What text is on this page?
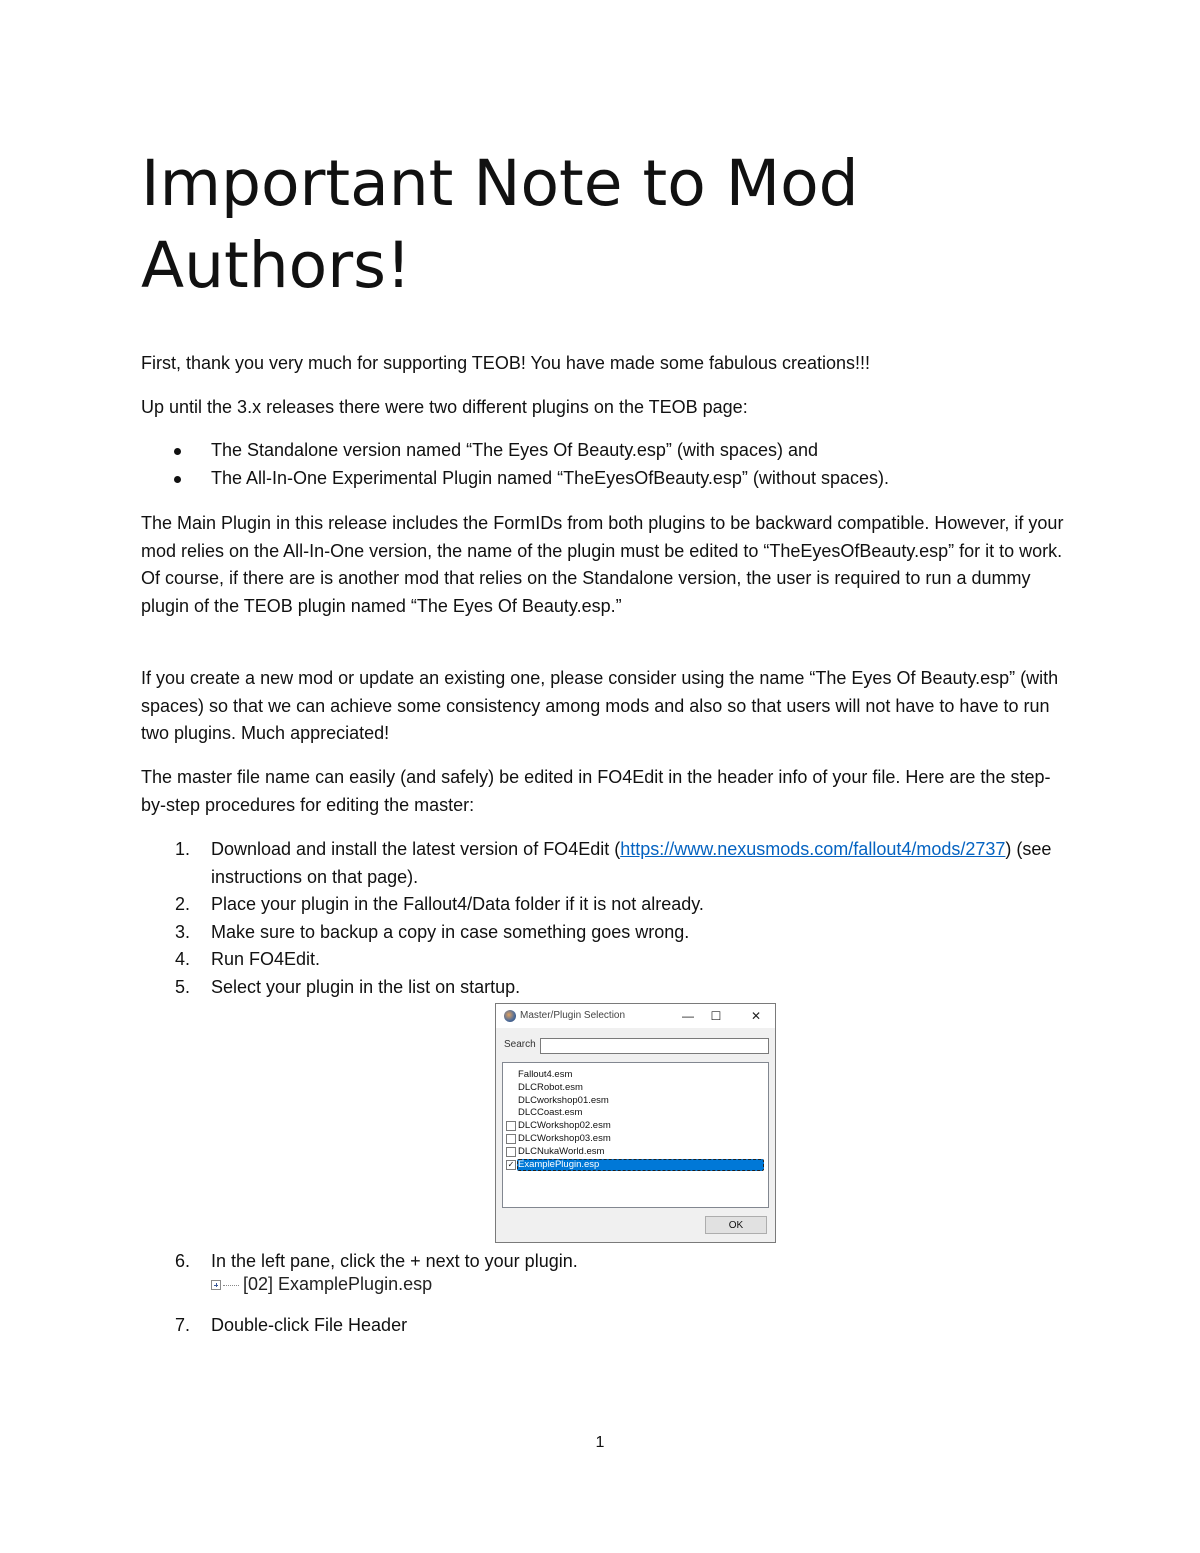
Important Note to Mod Authors!

First, thank you very much for supporting TEOB! You have made some fabulous creations!!!

Up until the 3.x releases there were two different plugins on the TEOB page:

The Standalone version named “The Eyes Of Beauty.esp” (with spaces) and
The All-In-One Experimental Plugin named “TheEyesOfBeauty.esp” (without spaces).

The Main Plugin in this release includes the FormIDs from both plugins to be backward compatible. However, if your mod relies on the All-In-One version, the name of the plugin must be edited to “TheEyesOfBeauty.esp” for it to work. Of course, if there are is another mod that relies on the Standalone version, the user is required to run a dummy plugin of the TEOB plugin named “The Eyes Of Beauty.esp.”

If you create a new mod or update an existing one, please consider using the name “The Eyes Of Beauty.esp” (with spaces) so that we can achieve some consistency among mods and also so that users will not have to have to run two plugins. Much appreciated!

The master file name can easily (and safely) be edited in FO4Edit in the header info of your file. Here are the step-by-step procedures for editing the master:

1. Download and install the latest version of FO4Edit (https://www.nexusmods.com/fallout4/mods/2737) (see instructions on that page).
2. Place your plugin in the Fallout4/Data folder if it is not already.
3. Make sure to backup a copy in case something goes wrong.
4. Run FO4Edit.
5. Select your plugin in the list on startup.
Master/Plugin Selection	—	☐	✕
Search
Fallout4.esm
DLCRobot.esm
DLCworkshop01.esm
DLCCoast.esm
DLCWorkshop02.esm
DLCWorkshop03.esm
DLCNukaWorld.esm
✓ ExamplePlugin.esp
OK
6. In the left pane, click the + next to your plugin.
[02] ExamplePlugin.esp
7. Double-click File Header
1
